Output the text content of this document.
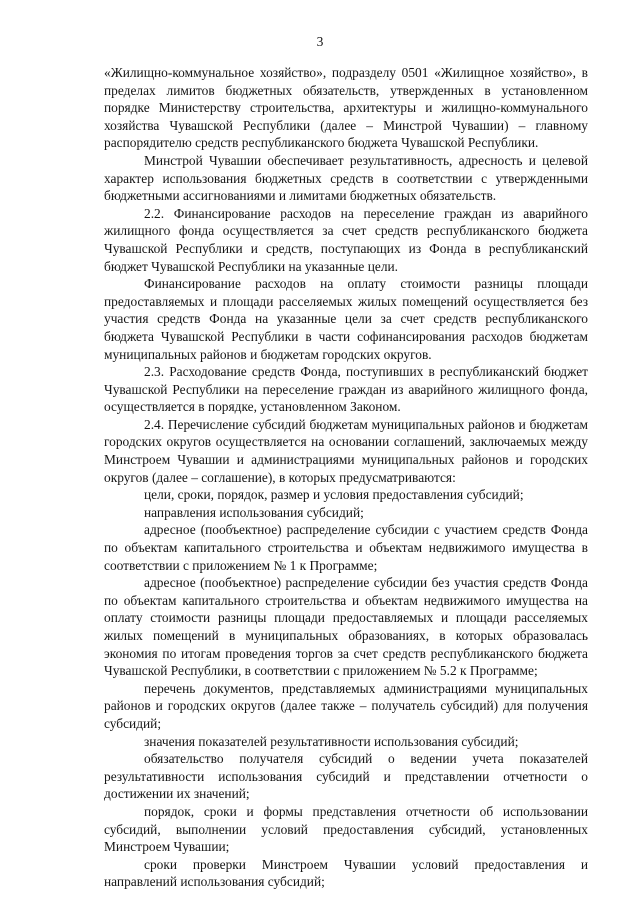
3

«Жилищно-коммунальное хозяйство», подразделу 0501 «Жилищное хозяйство», в пределах лимитов бюджетных обязательств, утвержденных в установленном порядке Министерству строительства, архитектуры и жилищно-коммунального хозяйства Чувашской Республики (далее – Минстрой Чувашии) – главному распорядителю средств республиканского бюджета Чувашской Республики.

Минстрой Чувашии обеспечивает результативность, адресность и целевой характер использования бюджетных средств в соответствии с утвержденными бюджетными ассигнованиями и лимитами бюджетных обязательств.

2.2. Финансирование расходов на переселение граждан из аварийного жилищного фонда осуществляется за счет средств республиканского бюджета Чувашской Республики и средств, поступающих из Фонда в республиканский бюджет Чувашской Республики на указанные цели.

Финансирование расходов на оплату стоимости разницы площади предоставляемых и площади расселяемых жилых помещений осуществляется без участия средств Фонда на указанные цели за счет средств республиканского бюджета Чувашской Республики в части софинансирования расходов бюджетам муниципальных районов и бюджетам городских округов.

2.3. Расходование средств Фонда, поступивших в республиканский бюджет Чувашской Республики на переселение граждан из аварийного жилищного фонда, осуществляется в порядке, установленном Законом.

2.4. Перечисление субсидий бюджетам муниципальных районов и бюджетам городских округов осуществляется на основании соглашений, заключаемых между Минстроем Чувашии и администрациями муниципальных районов и городских округов (далее – соглашение), в которых предусматриваются:

цели, сроки, порядок, размер и условия предоставления субсидий;

направления использования субсидий;

адресное (пообъектное) распределение субсидии с участием средств Фонда по объектам капитального строительства и объектам недвижимого имущества в соответствии с приложением № 1 к Программе;

адресное (пообъектное) распределение субсидии без участия средств Фонда по объектам капитального строительства и объектам недвижимого имущества на оплату стоимости разницы площади предоставляемых и площади расселяемых жилых помещений в муниципальных образованиях, в которых образовалась экономия по итогам проведения торгов за счет средств республиканского бюджета Чувашской Республики, в соответствии с приложением № 5.2 к Программе;

перечень документов, представляемых администрациями муниципальных районов и городских округов (далее также – получатель субсидий) для получения субсидий;

значения показателей результативности использования субсидий;

обязательство получателя субсидий о ведении учета показателей результативности использования субсидий и представлении отчетности о достижении их значений;

порядок, сроки и формы представления отчетности об использовании субсидий, выполнении условий предоставления субсидий, установленных Минстроем Чувашии;

сроки проверки Минстроем Чувашии условий предоставления и направлений использования субсидий;
